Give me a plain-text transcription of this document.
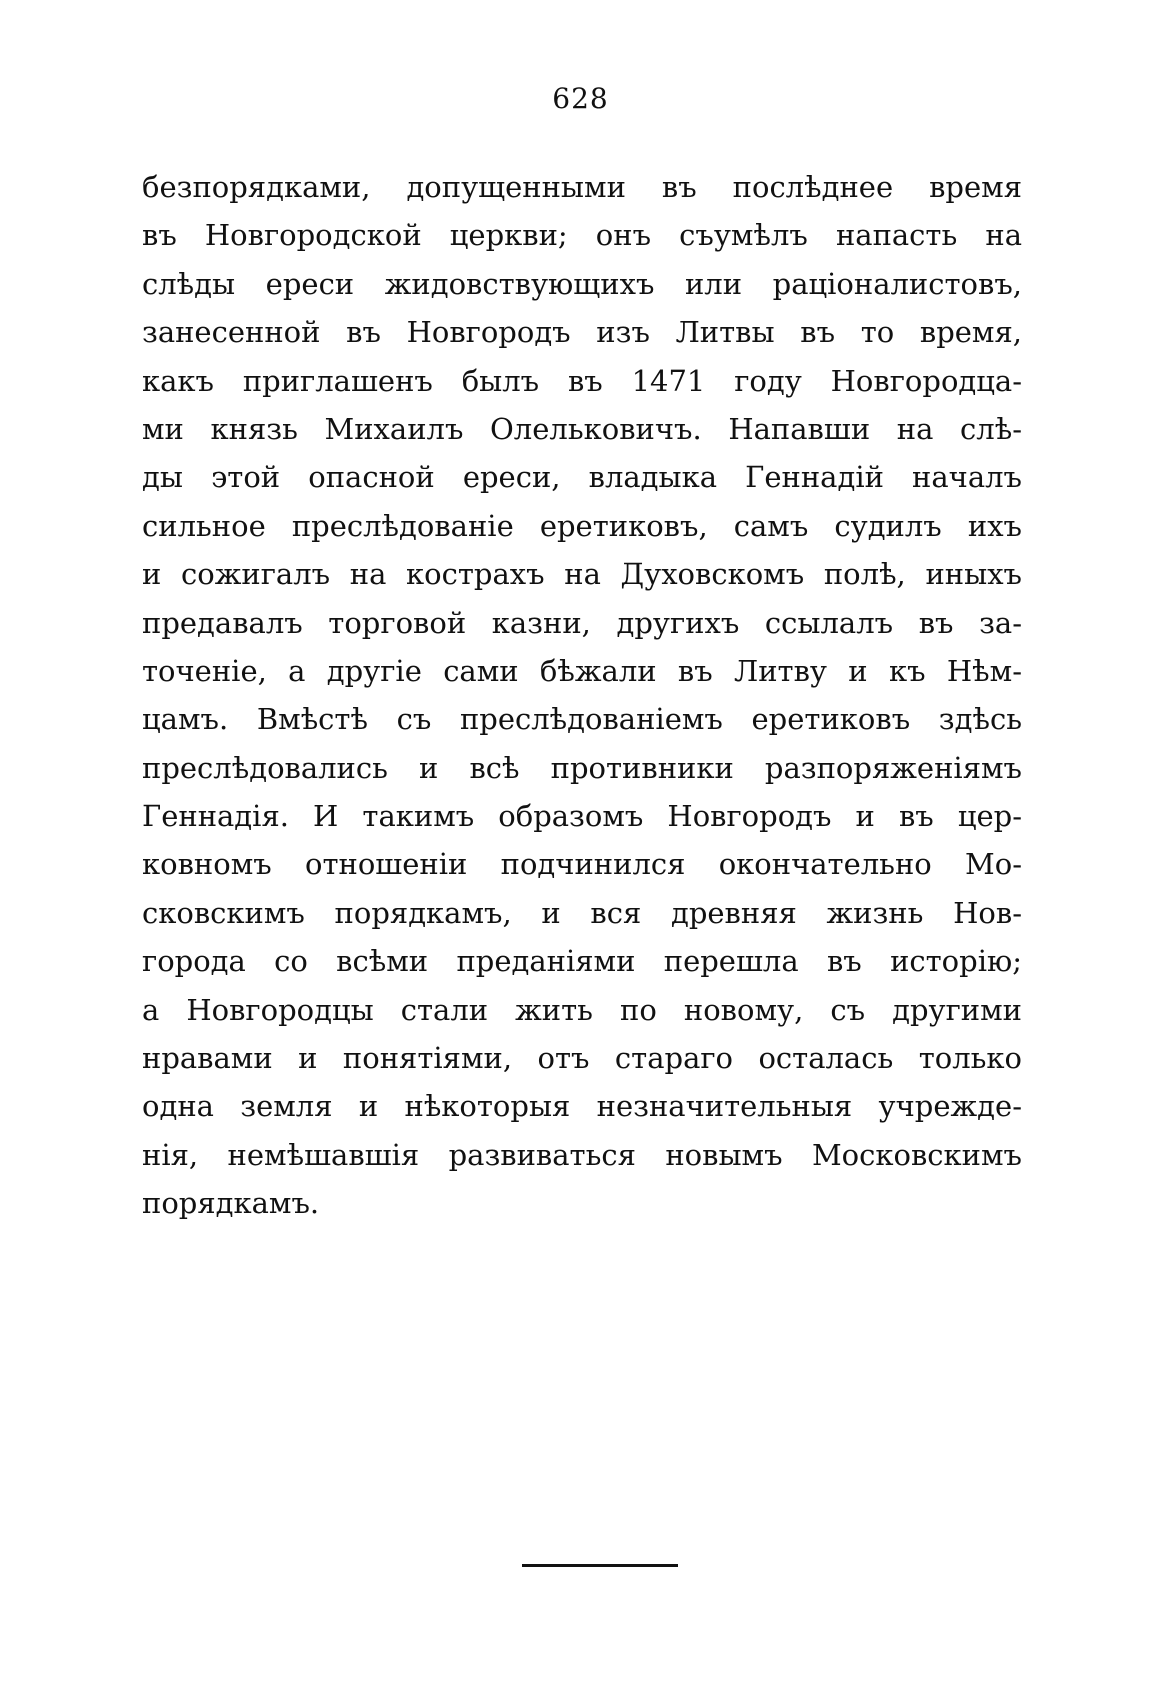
628
безпорядками, допущенными въ послѣднее время
въ Новгородской церкви; онъ съумѣлъ напасть на
слѣды ереси жидовствующихъ или раціоналистовъ,
занесенной въ Новгородъ изъ Литвы въ то время,
какъ приглашенъ былъ въ 1471 году Новгородца-
ми князь Михаилъ Олельковичъ. Напавши на слѣ-
ды этой опасной ереси, владыка Геннадій началъ
сильное преслѣдованіе еретиковъ, самъ судилъ ихъ
и сожигалъ на кострахъ на Духовскомъ полѣ, иныхъ
предавалъ торговой казни, другихъ ссылалъ въ за-
точеніе, а другіе сами бѣжали въ Литву и къ Нѣм-
цамъ. Вмѣстѣ съ преслѣдованіемъ еретиковъ здѣсь
преслѣдовались и всѣ противники разпоряженіямъ
Геннадія. И такимъ образомъ Новгородъ и въ цер-
ковномъ отношеніи подчинился окончательно Мо-
сковскимъ порядкамъ, и вся древняя жизнь Нов-
города со всѣми преданіями перешла въ исторію;
а Новгородцы стали жить по новому, съ другими
нравами и понятіями, отъ стараго осталась только
одна земля и нѣкоторыя незначительныя учрежде-
нія, немѣшавшія развиваться новымъ Московскимъ
порядкамъ.
